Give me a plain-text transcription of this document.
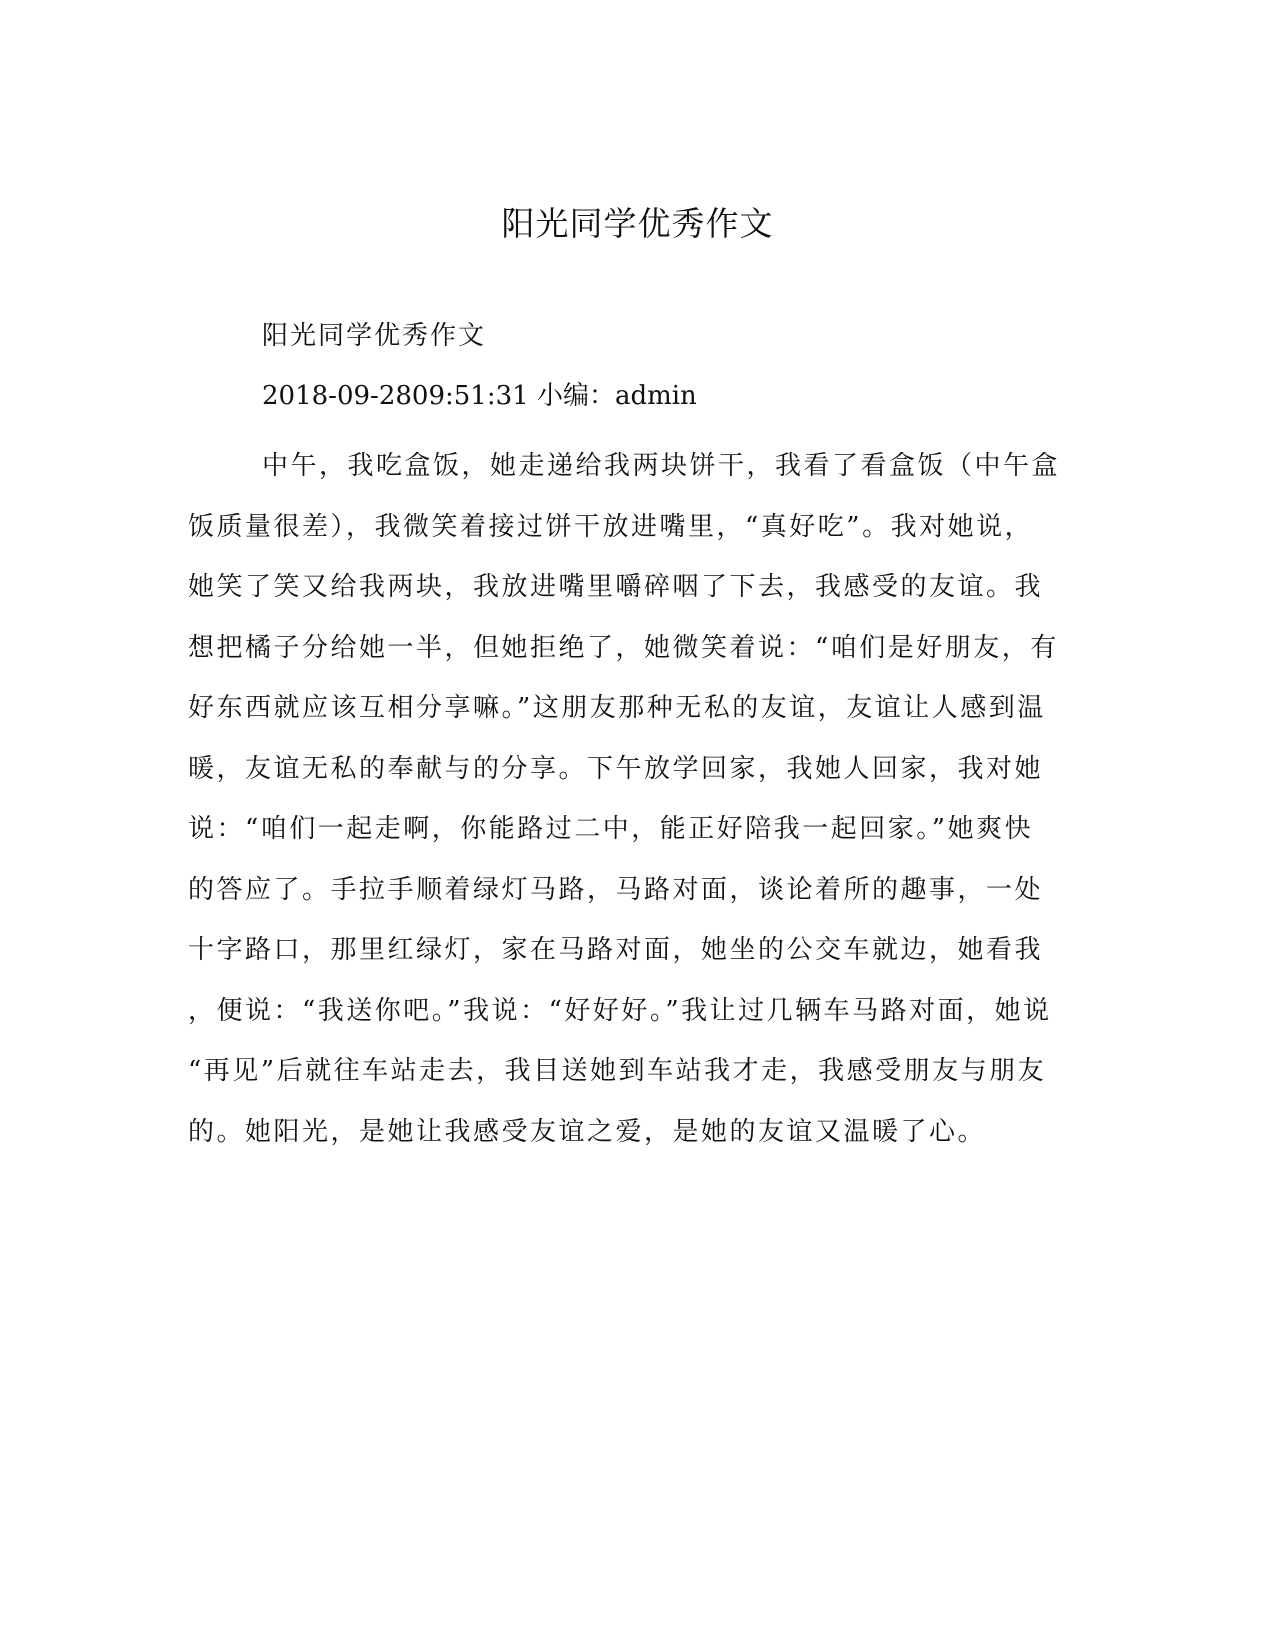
阳光同学优秀作文

阳光同学优秀作文

2018-09-2809:51:31 小编：admin

中午，我吃盒饭，她走递给我两块饼干，我看了看盒饭（中午盒
饭质量很差），我微笑着接过饼干放进嘴里，“真好吃”。我对她说，
她笑了笑又给我两块，我放进嘴里嚼碎咽了下去，我感受的友谊。我
想把橘子分给她一半，但她拒绝了，她微笑着说：“咱们是好朋友，有
好东西就应该互相分享嘛。”这朋友那种无私的友谊，友谊让人感到温
暖，友谊无私的奉献与的分享。下午放学回家，我她人回家，我对她
说：“咱们一起走啊，你能路过二中，能正好陪我一起回家。”她爽快
的答应了。手拉手顺着绿灯马路，马路对面，谈论着所的趣事，一处
十字路口，那里红绿灯，家在马路对面，她坐的公交车就边，她看我
，便说：“我送你吧。”我说：“好好好。”我让过几辆车马路对面，她说
“再见”后就往车站走去，我目送她到车站我才走，我感受朋友与朋友
的。她阳光，是她让我感受友谊之爱，是她的友谊又温暖了心。
